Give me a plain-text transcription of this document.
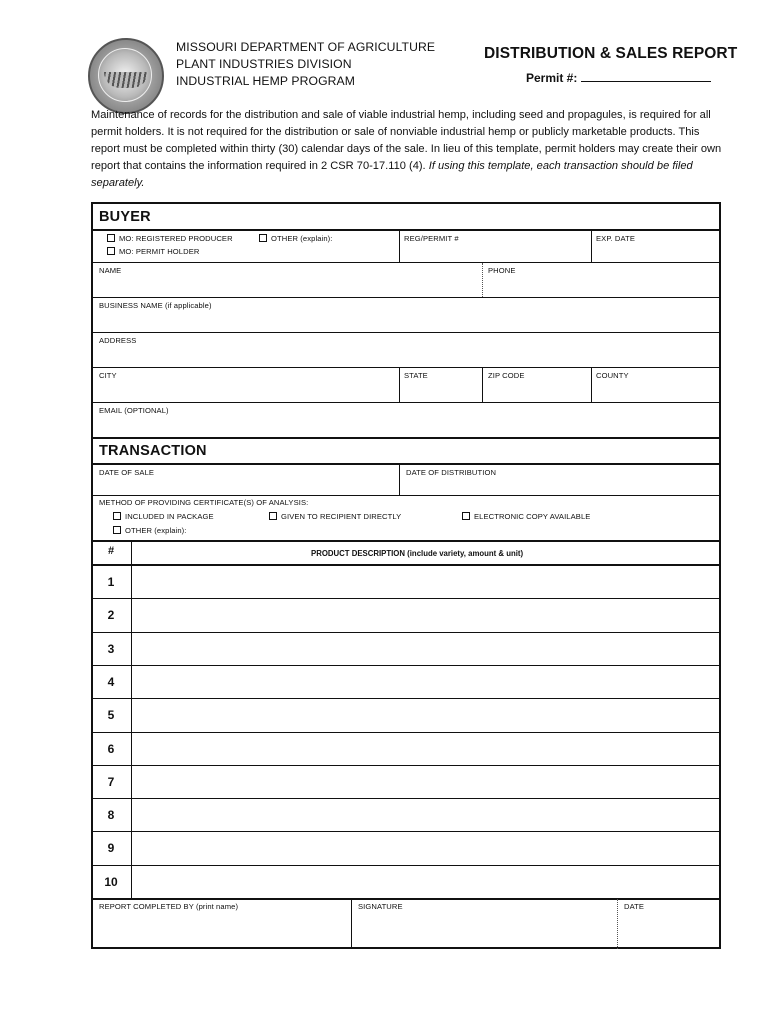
MISSOURI DEPARTMENT OF AGRICULTURE
PLANT INDUSTRIES DIVISION
INDUSTRIAL HEMP PROGRAM
DISTRIBUTION & SALES REPORT
Permit #:
Maintenance of records for the distribution and sale of viable industrial hemp, including seed and propagules, is required for all permit holders. It is not required for the distribution or sale of nonviable industrial hemp or publicly marketable products. This report must be completed within thirty (30) calendar days of the sale. In lieu of this template, permit holders may create their own report that contains the information required in 2 CSR 70-17.110 (4). If using this template, each transaction should be filed separately.
BUYER
MO: REGISTERED PRODUCER
MO: PERMIT HOLDER
OTHER (explain):	REG/PERMIT #	EXP. DATE
NAME	PHONE
BUSINESS NAME (if applicable)
ADDRESS
CITY	STATE	ZIP CODE	COUNTY
EMAIL (OPTIONAL)
TRANSACTION
DATE OF SALE	DATE OF DISTRIBUTION
METHOD OF PROVIDING CERTIFICATE(S) OF ANALYSIS:
INCLUDED IN PACKAGE	GIVEN TO RECIPIENT DIRECTLY	ELECTRONIC COPY AVAILABLE
OTHER (explain):
#	PRODUCT DESCRIPTION (include variety, amount & unit)
1
2
3
4
5
6
7
8
9
10
REPORT COMPLETED BY (print name)	SIGNATURE	DATE
